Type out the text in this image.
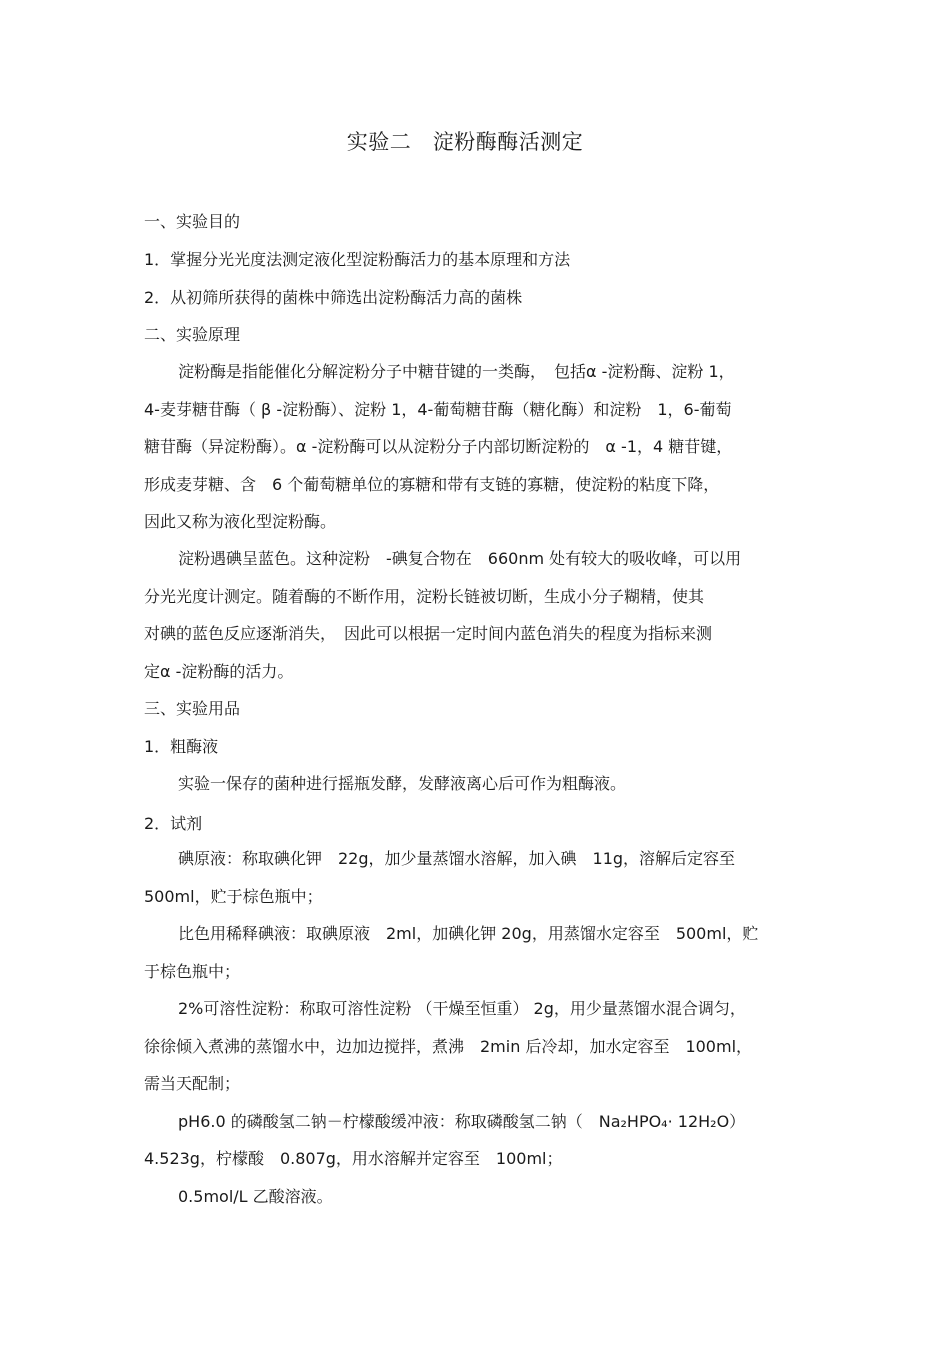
实验二　淀粉酶酶活测定
一、实验目的
1．掌握分光光度法测定液化型淀粉酶活力的基本原理和方法
2．从初筛所获得的菌株中筛选出淀粉酶活力高的菌株
二、实验原理
淀粉酶是指能催化分解淀粉分子中糖苷键的一类酶，　包括α -淀粉酶、淀粉 1，
4-麦芽糖苷酶（ β -淀粉酶）、淀粉 1，4-葡萄糖苷酶（糖化酶）和淀粉　1，6-葡萄
糖苷酶（异淀粉酶）。α -淀粉酶可以从淀粉分子内部切断淀粉的　α -1，4 糖苷键，
形成麦芽糖、含　6 个葡萄糖单位的寡糖和带有支链的寡糖，使淀粉的粘度下降，
因此又称为液化型淀粉酶。
淀粉遇碘呈蓝色。这种淀粉　-碘复合物在　660nm 处有较大的吸收峰，可以用
分光光度计测定。随着酶的不断作用，淀粉长链被切断，生成小分子糊精，使其
对碘的蓝色反应逐渐消失，　因此可以根据一定时间内蓝色消失的程度为指标来测
定α -淀粉酶的活力。
三、实验用品
1．粗酶液
实验一保存的菌种进行摇瓶发酵，发酵液离心后可作为粗酶液。
2．试剂
碘原液：称取碘化钾　22g，加少量蒸馏水溶解，加入碘　11g，溶解后定容至
500ml，贮于棕色瓶中；
比色用稀释碘液：取碘原液　2ml，加碘化钾 20g，用蒸馏水定容至　500ml，贮
于棕色瓶中；
2%可溶性淀粉：称取可溶性淀粉 （干燥至恒重） 2g，用少量蒸馏水混合调匀，
徐徐倾入煮沸的蒸馏水中，边加边搅拌，煮沸　2min 后冷却，加水定容至　100ml，
需当天配制；
pH6.0 的磷酸氢二钠－柠檬酸缓冲液：称取磷酸氢二钠（　Na₂HPO₄· 12H₂O）
4.523g，柠檬酸　0.807g，用水溶解并定容至　100ml；
0.5mol/L 乙酸溶液。
